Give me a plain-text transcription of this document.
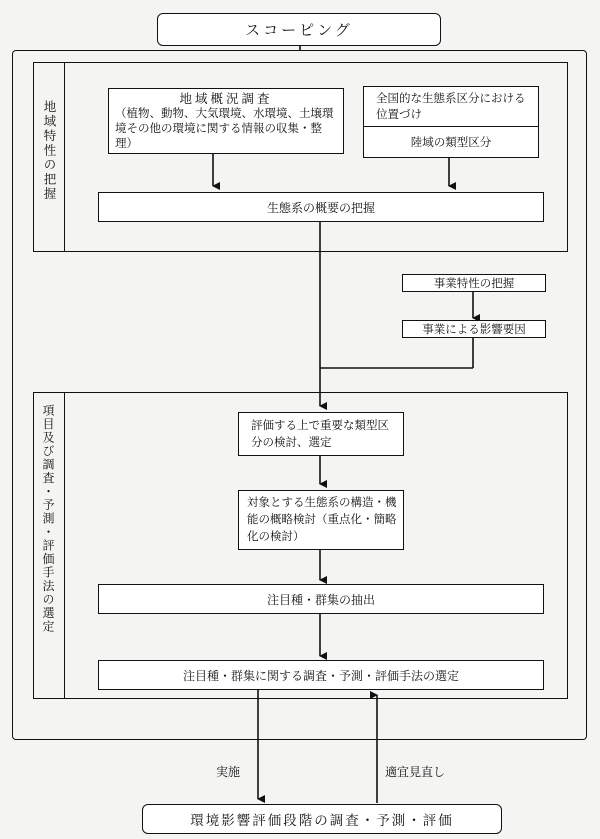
スコーピング
地域特性の把握
地域概況調査
（植物、動物、大気環境、水環境、土壌環境その他の環境に関する情報の収集・整理）
全国的な生態系区分における位置づけ
陸域の類型区分
生態系の概要の把握
事業特性の把握
事業による影響要因
項目及び調査・予測・評価手法の選定	評価する上で重要な類型区分の検討、選定
対象とする生態系の構造・機能の概略検討（重点化・簡略化の検討）
注目種・群集の抽出
注目種・群集に関する調査・予測・評価手法の選定
実施	適宜見直し
環境影響評価段階の調査・予測・評価
